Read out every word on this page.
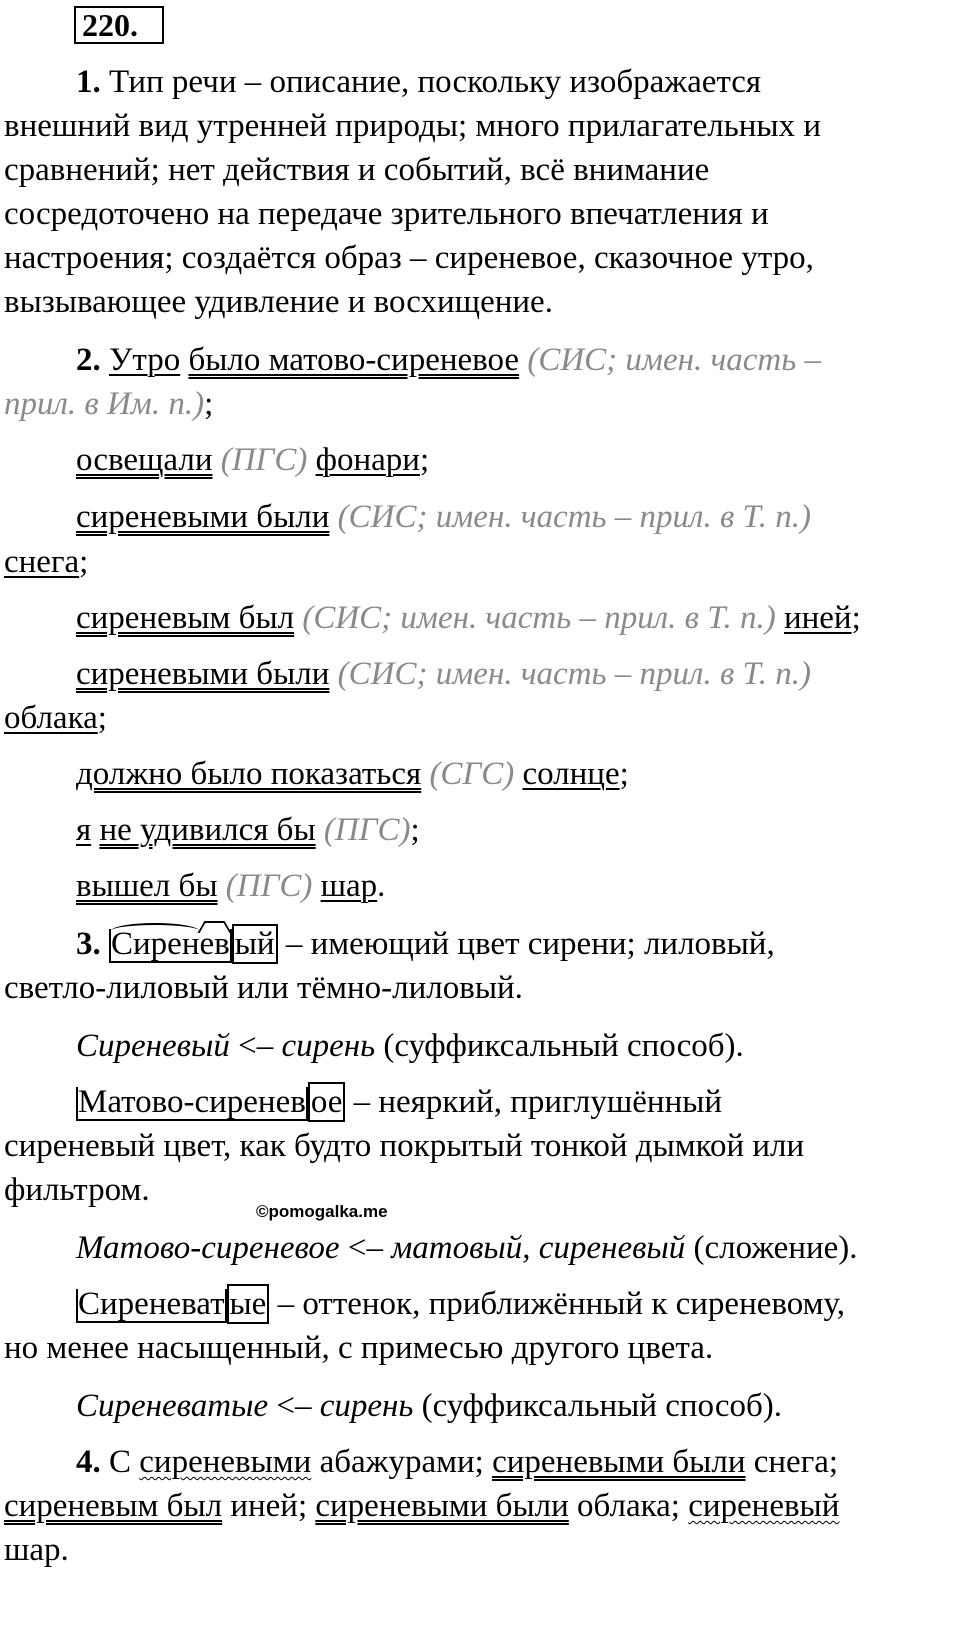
220.
1. Тип речи – описание, поскольку изображается
внешний вид утренней природы; много прилагательных и
сравнений; нет действия и событий, всё внимание
сосредоточено на передаче зрительного впечатления и
настроения; создаётся образ – сиреневое, сказочное утро,
вызывающее удивление и восхищение.
2. Утро было матово-сиреневое (СИС; имен. часть –
прил. в Им. п.);
освещали (ПГС) фонари;
сиреневыми были (СИС; имен. часть – прил. в Т. п.)
снега;
сиреневым был (СИС; имен. часть – прил. в Т. п.) иней;
сиреневыми были (СИС; имен. часть – прил. в Т. п.)
облака;
должно было показаться (СГС) солнце;
я не удивился бы (ПГС);
вышел бы (ПГС) шар.
3. Сиренев ый – имеющий цвет сирени; лиловый,
светло-лиловый или тёмно-лиловый.
Сиреневый <– сирень (суффиксальный способ).
Матово-сиренев ое – неяркий, приглушённый
сиреневый цвет, как будто покрытый тонкой дымкой или
фильтром.
©pomogalka.me
Матово-сиреневое <– матовый, сиреневый (сложение).
Сиреневат ые – оттенок, приближённый к сиреневому,
но менее насыщенный, с примесью другого цвета.
Сиреневатые <– сирень (суффиксальный способ).
4. С сиреневыми абажурами; сиреневыми были снега;
сиреневым был иней; сиреневыми были облака; сиреневый
шар.
